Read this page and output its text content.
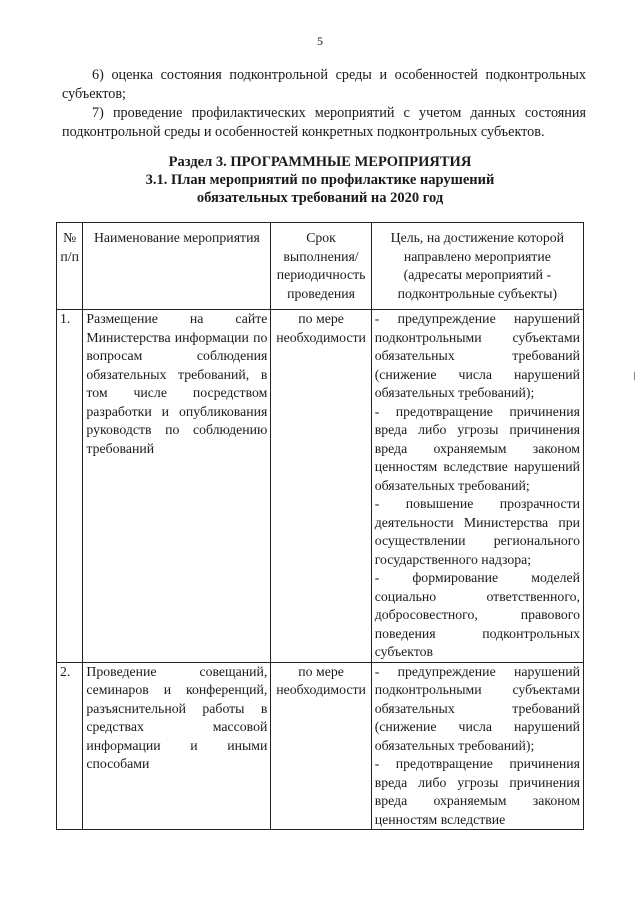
5

6) оценка состояния подконтрольной среды и особенностей подконтрольных субъектов;

7) проведение профилактических мероприятий с учетом данных состояния подконтрольной среды и особенностей конкретных подконтрольных субъектов.

Раздел 3. ПРОГРАММНЫЕ МЕРОПРИЯТИЯ
3.1. План мероприятий по профилактике нарушений
обязательных требований на 2020 год
№ п/п	Наименование мероприятия	Срок выполнения/периодичность проведения	Цель, на достижение которой направлено мероприятие (адресаты мероприятий - подконтрольные субъекты)
1.	Размещение на сайте Министерства информации по вопросам соблюдения обязательных требований, в том числе посредством разработки и опубликования руководств по соблюдению требований	по мере необходимости	- предупреждение нарушений подконтрольными субъектами обязательных требований (снижение числа нарушений обязательных требований);
- предотвращение причинения вреда либо угрозы причинения вреда охраняемым законом ценностям вследствие нарушений обязательных требований;
- повышение прозрачности деятельности Министерства при осуществлении регионального государственного надзора;
- формирование моделей социально ответственного, добросовестного, правового поведения подконтрольных субъектов

2.	Проведение совещаний, семинаров и конференций, разъяснительной работы в средствах массовой информации и иными способами	по мере необходимости	- предупреждение нарушений подконтрольными субъектами обязательных требований (снижение числа нарушений обязательных требований);
- предотвращение причинения вреда либо угрозы причинения вреда охраняемым законом ценностям вследствие
